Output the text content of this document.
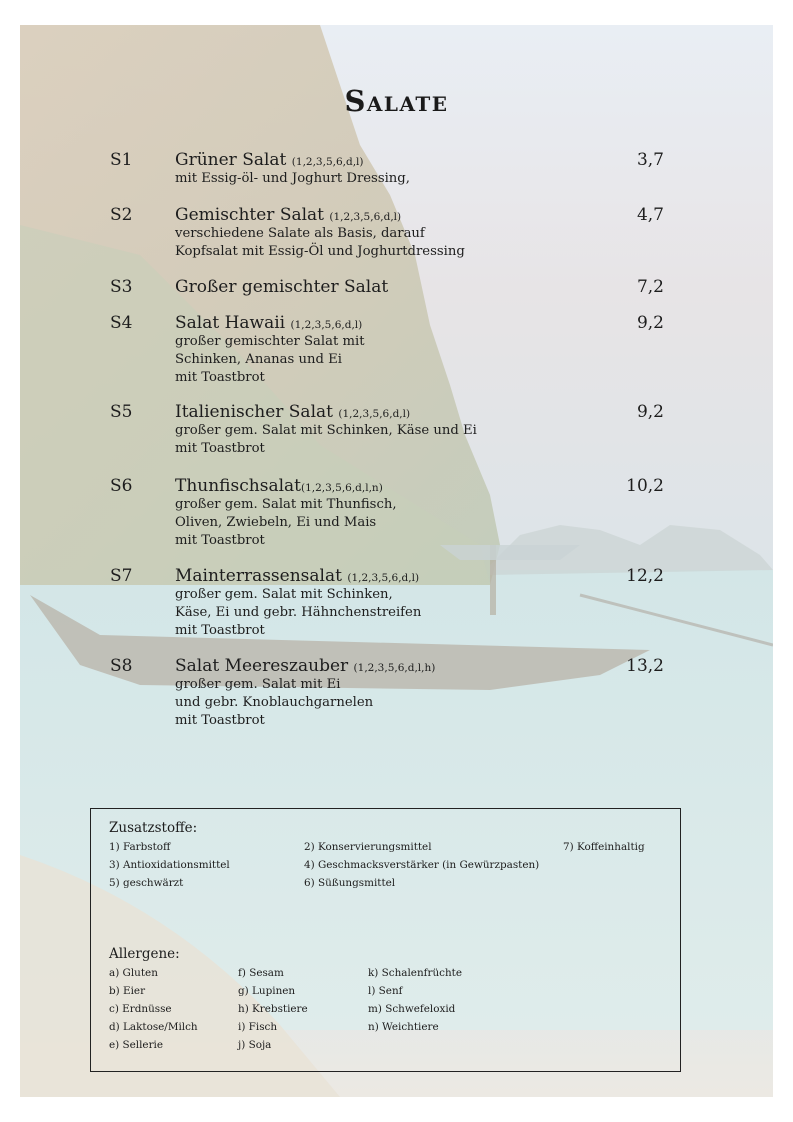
Salate
S1	Grüner Salat (1,2,3,5,6,d,l)	3,7
mit Essig-öl- und Joghurt Dressing,
S2	Gemischter Salat (1,2,3,5,6,d,l)	4,7
verschiedene Salate als Basis, darauf
Kopfsalat mit Essig-Öl und Joghurtdressing
S3	Großer gemischter Salat	7,2
S4	Salat Hawaii (1,2,3,5,6,d,l)	9,2
großer gemischter Salat mit
Schinken, Ananas und Ei
mit Toastbrot
S5	Italienischer Salat (1,2,3,5,6,d,l)	9,2
großer gem. Salat mit Schinken, Käse und Ei
mit Toastbrot
S6	Thunfischsalat(1,2,3,5,6,d,l,n)	10,2
großer gem. Salat mit Thunfisch,
Oliven, Zwiebeln, Ei und Mais
mit Toastbrot
S7	Mainterrassensalat (1,2,3,5,6,d,l)	12,2
großer gem. Salat mit Schinken,
Käse, Ei und gebr. Hähnchenstreifen
mit Toastbrot
S8	Salat Meereszauber (1,2,3,5,6,d,l,h)	13,2
großer gem. Salat mit Ei
und gebr. Knoblauchgarnelen
mit Toastbrot
Zusatzstoffe:
1) Farbstoff	2) Konservierungsmittel	7) Koffeinhaltig
3) Antioxidationsmittel	4) Geschmacksverstärker (in Gewürzpasten)
5) geschwärzt	6) Süßungsmittel
Allergene:
a) Gluten	f) Sesam	k) Schalenfrüchte
b) Eier	g) Lupinen	l) Senf
c) Erdnüsse	h) Krebstiere	m) Schwefeloxid
d) Laktose/Milch	i) Fisch	n) Weichtiere
e) Sellerie	j) Soja
